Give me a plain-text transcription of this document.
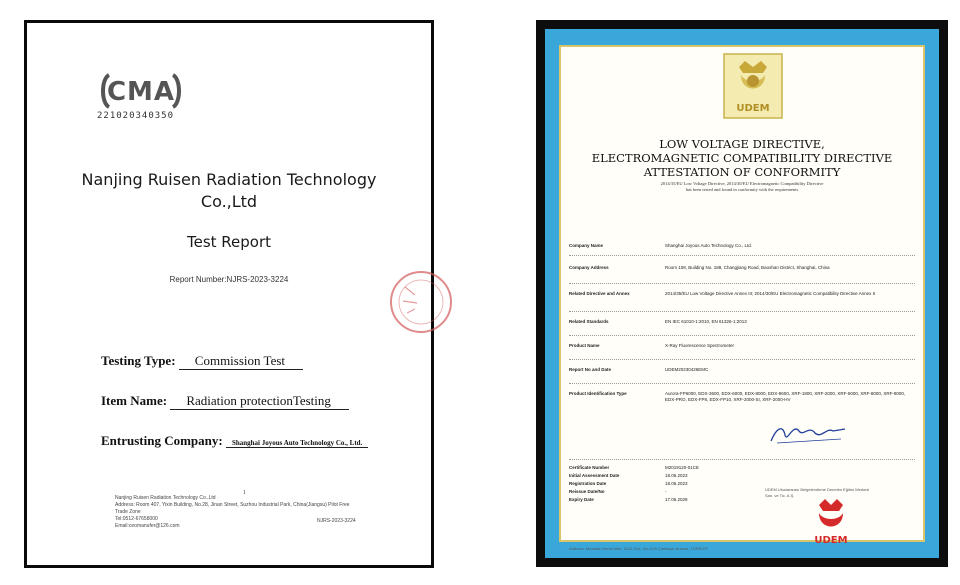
CMA
221020340350
Nanjing Ruisen Radiation Technology Co.,Ltd
Test Report
Report Number:NJRS-2023-3224
Testing Type: Commission Test
Item Name: Radiation protectionTesting
Entrusting Company: Shanghai Joyous Auto Technology Co., Ltd.
1
Nanjing Ruisen Radiation Technology Co.,Ltd
Address: Room 407, Yixin Building, No.28, Jinan Street, Suzhou Industrial Park, China(Jiangsu) Pilot Free
Trade Zone
Tel:0512-67658000
Email:ceomanufer@126.com
NJRS-2023-3224
UDEM
LOW VOLTAGE DIRECTIVE,
ELECTROMAGNETIC COMPATIBILITY DIRECTIVE
ATTESTATION OF CONFORMITY
2014/35/EU Low Voltage Directive, 2014/30/EU Electromagnetic Compatibility Directive
has been tested and found in conformity with the requirements
Company Name	Shanghai Joyous Auto Technology Co., Ltd.
Company Address	Room 108, Building No. 188, Changjiang Road, Baoshan District, Shanghai, China
Related Directive and Annex	2014/35/EU Low Voltage Directive Annex III; 2014/30/EU Electromagnetic Compatibility Directive Annex II
Related Standards	EN IEC 61010-1:2010, EN 61326-1:2013
Product Name	X-Ray Fluorescence Spectrometer
Report No and Date	UDEM20230426EMC
Product Identification Type	Aurora-FP6000, EDX-3600, EDX-6000, EDX-8000, EDX-9600, XRF-1800, XRF-2000, XRF-5000, XRF-8000, XRF-9000, EDX-PRO, EDX-FP8, EDX-FP10, XRF-2000-SI, XRF-2000-HV
Certificate Number	M2019120-01CE
Initial Assessment Date	18.05.2023
Registration Date	18.05.2023
Reissue Date/No	-
Expiry Date	17.05.2028
UDEM Uluslararası Belgelendirme Denetim Eğitim Merkezi San. ve Tic. A.Ş.
Address: Mustafa Kemal Mah. 2134 Sok. No:12/6 Çankaya, Ankara, TÜRKİYE
UDEM
